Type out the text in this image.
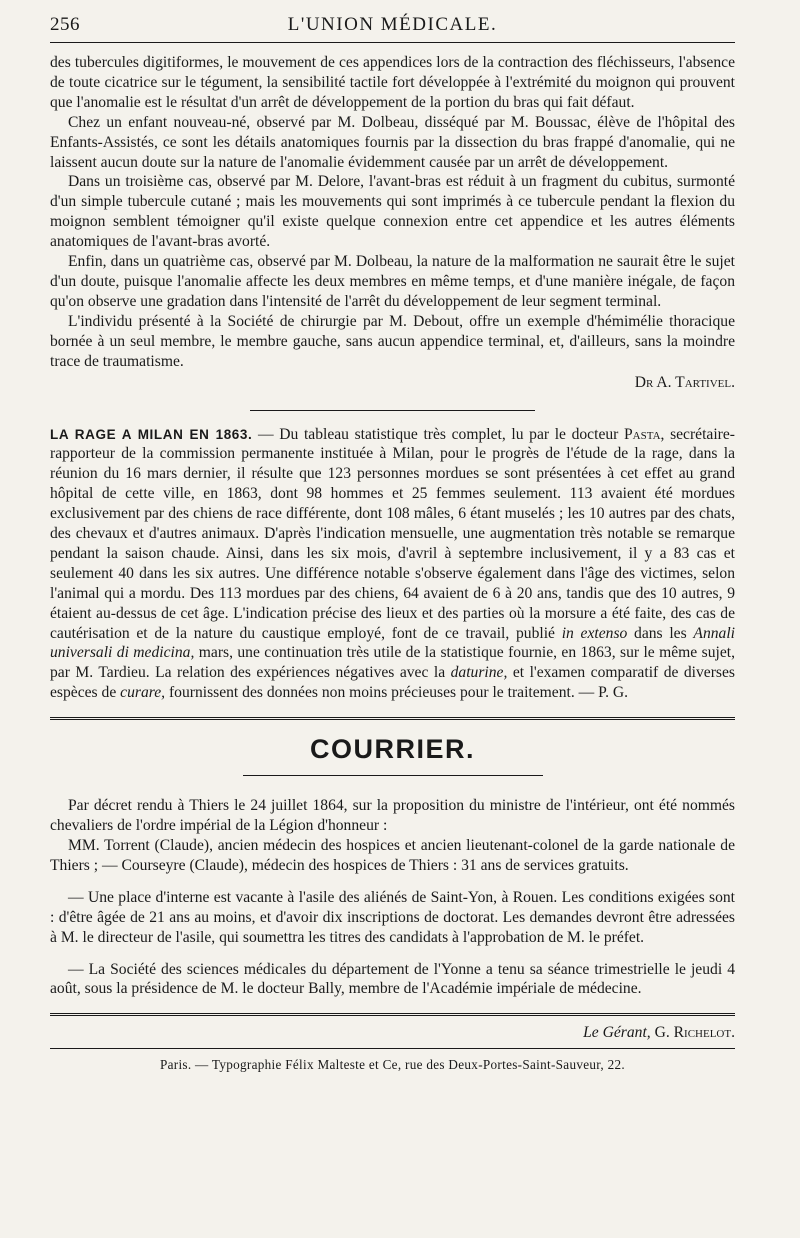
256	L'UNION MÉDICALE.

des tubercules digitiformes, le mouvement de ces appendices lors de la contraction des fléchisseurs, l'absence de toute cicatrice sur le tégument, la sensibilité tactile fort développée à l'extrémité du moignon qui prouvent que l'anomalie est le résultat d'un arrêt de développement de la portion du bras qui fait défaut.

Chez un enfant nouveau-né, observé par M. Dolbeau, disséqué par M. Boussac, élève de l'hôpital des Enfants-Assistés, ce sont les détails anatomiques fournis par la dissection du bras frappé d'anomalie, qui ne laissent aucun doute sur la nature de l'anomalie évidemment causée par un arrêt de développement.

Dans un troisième cas, observé par M. Delore, l'avant-bras est réduit à un fragment du cubitus, surmonté d'un simple tubercule cutané ; mais les mouvements qui sont imprimés à ce tubercule pendant la flexion du moignon semblent témoigner qu'il existe quelque connexion entre cet appendice et les autres éléments anatomiques de l'avant-bras avorté.

Enfin, dans un quatrième cas, observé par M. Dolbeau, la nature de la malformation ne saurait être le sujet d'un doute, puisque l'anomalie affecte les deux membres en même temps, et d'une manière inégale, de façon qu'on observe une gradation dans l'intensité de l'arrêt du développement de leur segment terminal.

L'individu présenté à la Société de chirurgie par M. Debout, offre un exemple d'hémimélie thoracique bornée à un seul membre, le membre gauche, sans aucun appendice terminal, et, d'ailleurs, sans la moindre trace de traumatisme.

Dr A. Tartivel.

LA RAGE A MILAN EN 1863. — Du tableau statistique très complet, lu par le docteur Pasta, secrétaire-rapporteur de la commission permanente instituée à Milan, pour le progrès de l'étude de la rage, dans la réunion du 16 mars dernier, il résulte que 123 personnes mordues se sont présentées à cet effet au grand hôpital de cette ville, en 1863, dont 98 hommes et 25 femmes seulement. 113 avaient été mordues exclusivement par des chiens de race différente, dont 108 mâles, 6 étant muselés ; les 10 autres par des chats, des chevaux et d'autres animaux. D'après l'indication mensuelle, une augmentation très notable se remarque pendant la saison chaude. Ainsi, dans les six mois, d'avril à septembre inclusivement, il y a 83 cas et seulement 40 dans les six autres. Une différence notable s'observe également dans l'âge des victimes, selon l'animal qui a mordu. Des 113 mordues par des chiens, 64 avaient de 6 à 20 ans, tandis que des 10 autres, 9 étaient au-dessus de cet âge. L'indication précise des lieux et des parties où la morsure a été faite, des cas de cautérisation et de la nature du caustique employé, font de ce travail, publié in extenso dans les Annali universali di medicina, mars, une continuation très utile de la statistique fournie, en 1863, sur le même sujet, par M. Tardieu. La relation des expériences négatives avec la daturine, et l'examen comparatif de diverses espèces de curare, fournissent des données non moins précieuses pour le traitement. — P. G.

COURRIER.

Par décret rendu à Thiers le 24 juillet 1864, sur la proposition du ministre de l'intérieur, ont été nommés chevaliers de l'ordre impérial de la Légion d'honneur :

MM. Torrent (Claude), ancien médecin des hospices et ancien lieutenant-colonel de la garde nationale de Thiers ; — Courseyre (Claude), médecin des hospices de Thiers : 31 ans de services gratuits.

— Une place d'interne est vacante à l'asile des aliénés de Saint-Yon, à Rouen. Les conditions exigées sont : d'être âgée de 21 ans au moins, et d'avoir dix inscriptions de doctorat. Les demandes devront être adressées à M. le directeur de l'asile, qui soumettra les titres des candidats à l'approbation de M. le préfet.

— La Société des sciences médicales du département de l'Yonne a tenu sa séance trimestrielle le jeudi 4 août, sous la présidence de M. le docteur Bally, membre de l'Académie impériale de médecine.

Le Gérant, G. Richelot.
Paris. — Typographie Félix Malteste et Ce, rue des Deux-Portes-Saint-Sauveur, 22.
